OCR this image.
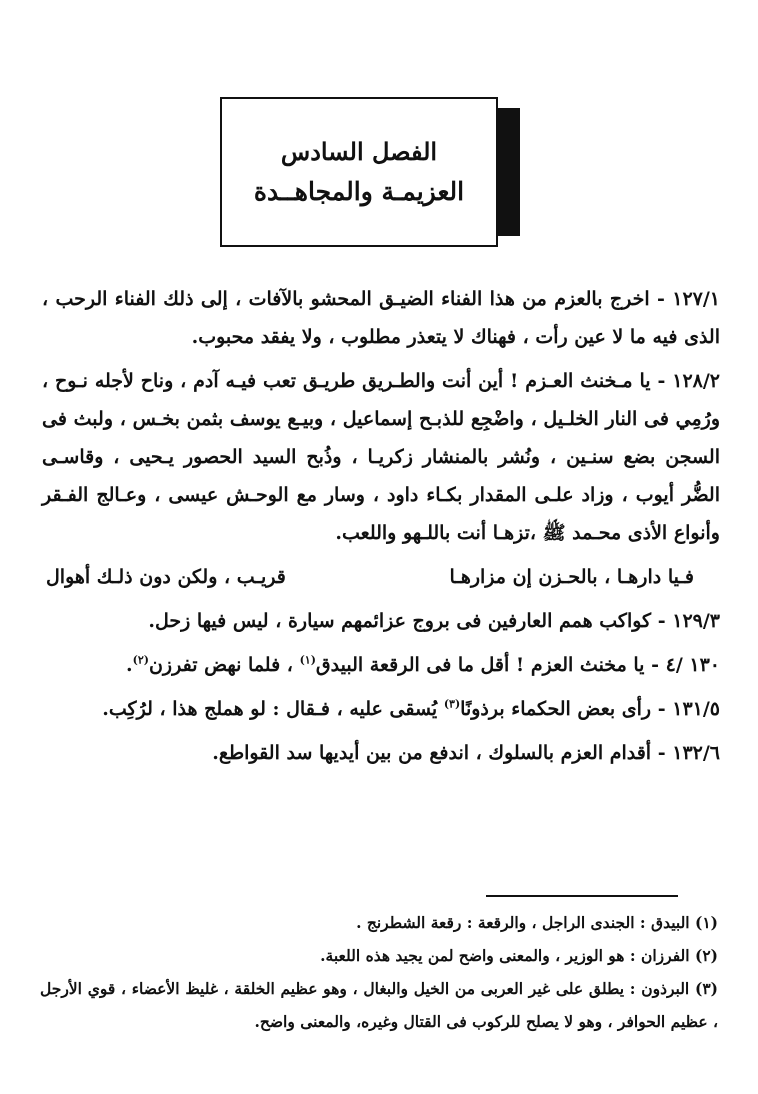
الفصل السادس
العزيمـة والمجاهــدة

١٢٧/١ - اخرج بالعزم من هذا الفناء الضيـق المحشو بالآفات ، إلى ذلك الفناء الرحب ، الذى فيه ما لا عين رأت ، فهناك لا يتعذر مطلوب ، ولا يفقد محبوب.

١٢٨/٢ - يا مـخنث العـزم ! أين أنت والطـريق طريـق تعب فيـه آدم ، وناح لأجله نـوح ، ورُمِي فى النار الخلـيل ، واضْجِع للذبـح إسماعيل ، وبيـع يوسف بثمن بخـس ، ولبث فى السجن بضع سنـين ، ونُشر بالمنشار زكريـا ، وذُبح السيد الحصور يـحيى ، وقاسـى الضُّر أيوب ، وزاد علـى المقدار بكـاء داود ، وسار مع الوحـش عيسى ، وعـالج الفـقر وأنواع الأذى محـمد ﷺ ،تزهـا أنت باللـهو واللعب.

فـيا دارهـا ، بالحـزن إن مزارهـا
قريـب ، ولكن دون ذلـك أهوال

١٢٩/٣ - كواكب همم العارفين فى بروج عزائمهم سيارة ، ليس فيها زحل.

١٣٠ /٤ - يا مخنث العزم ! أقل ما فى الرقعة البيدق$^{(١)}$ ، فلما نهض تفرزن$^{(٢)}$.

١٣١/٥ - رأى بعض الحكماء برذونًا$^{(٣)}$ يُسقى عليه ، فـقال : لو هملج هذا ، لرُكِب.

١٣٢/٦ - أقدام العزم بالسلوك ، اندفع من بين أيديها سد القواطع.

(١) البيدق : الجندى الراجل ، والرقعة : رقعة الشطرنج .

(٢) الفرزان : هو الوزير ، والمعنى واضح لمن يجيد هذه اللعبة.

(٣) البرذون : يطلق على غير العربى من الخيل والبغال ، وهو عظيم الخلقة ، غليظ الأعضاء ، قوي الأرجل ، عظيم الحوافر ، وهو لا يصلح للركوب فى القتال وغيره، والمعنى واضح.
